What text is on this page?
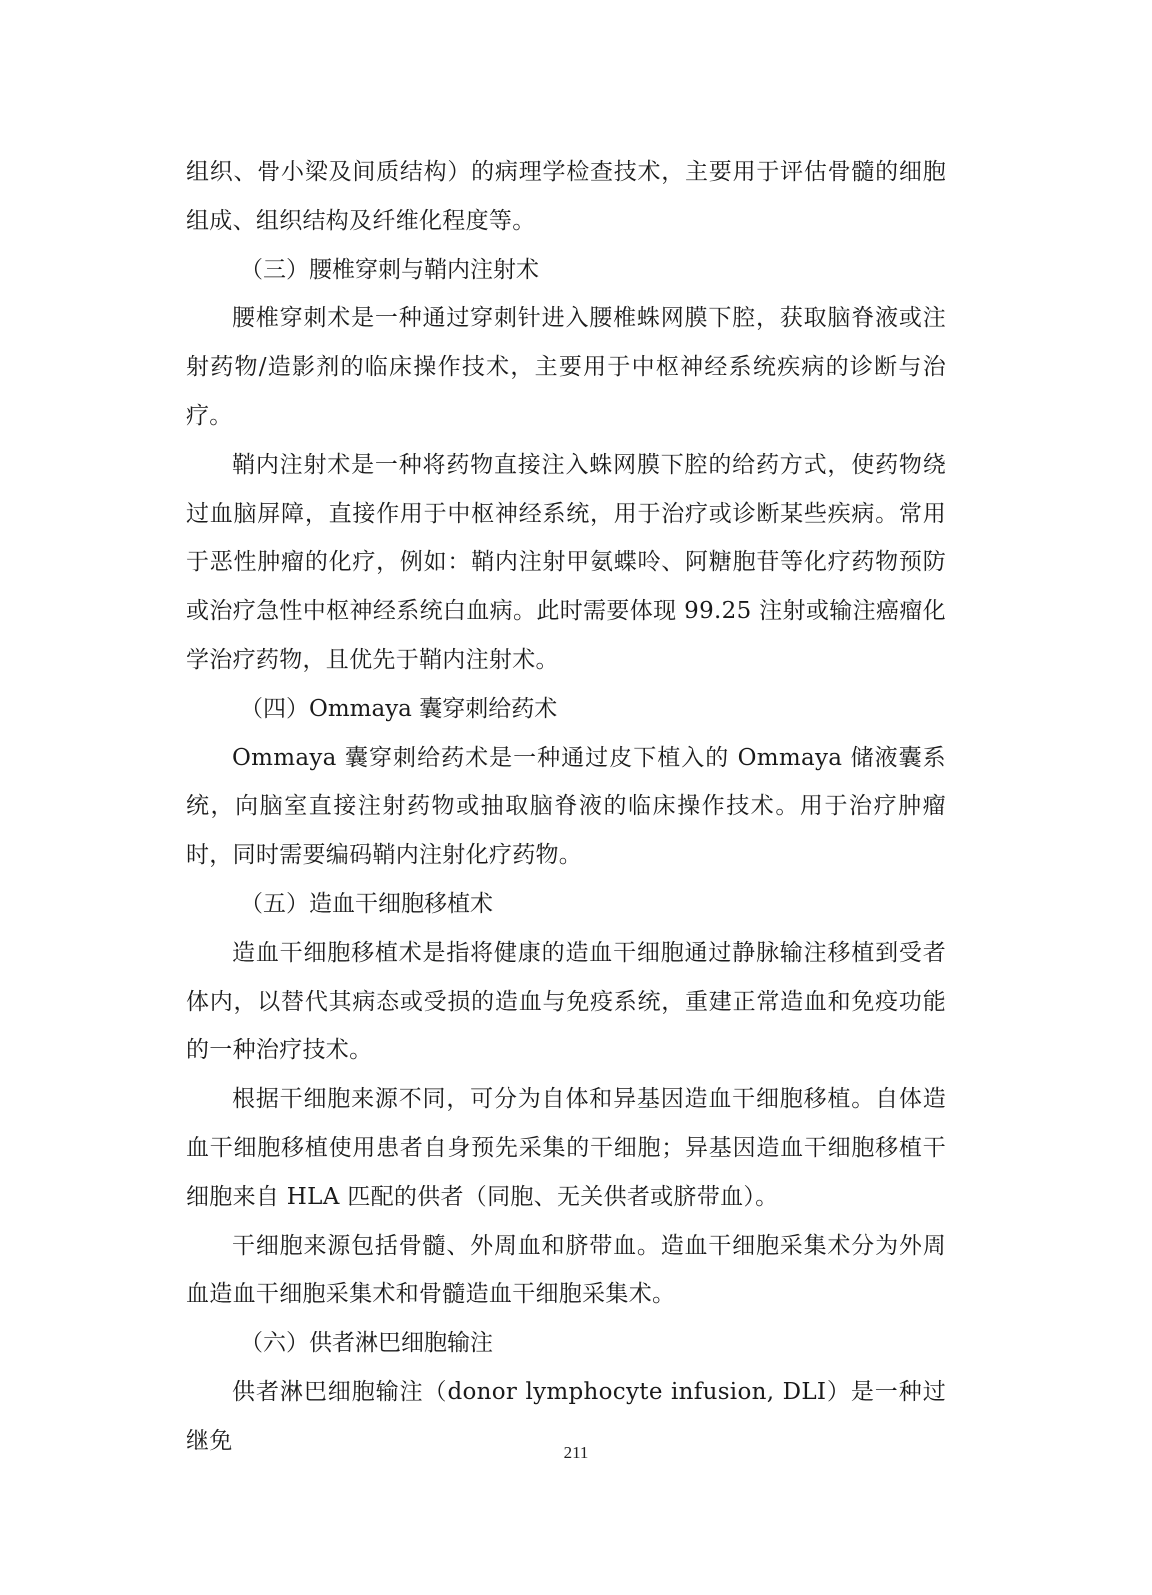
组织、骨小梁及间质结构）的病理学检查技术，主要用于评估骨髓的细胞组成、组织结构及纤维化程度等。

（三）腰椎穿刺与鞘内注射术

腰椎穿刺术是一种通过穿刺针进入腰椎蛛网膜下腔，获取脑脊液或注射药物/造影剂的临床操作技术，主要用于中枢神经系统疾病的诊断与治疗。

鞘内注射术是一种将药物直接注入蛛网膜下腔的给药方式，使药物绕过血脑屏障，直接作用于中枢神经系统，用于治疗或诊断某些疾病。常用于恶性肿瘤的化疗，例如：鞘内注射甲氨蝶呤、阿糖胞苷等化疗药物预防或治疗急性中枢神经系统白血病。此时需要体现 99.25 注射或输注癌瘤化学治疗药物，且优先于鞘内注射术。

（四）Ommaya 囊穿刺给药术

Ommaya 囊穿刺给药术是一种通过皮下植入的 Ommaya 储液囊系统，向脑室直接注射药物或抽取脑脊液的临床操作技术。用于治疗肿瘤时，同时需要编码鞘内注射化疗药物。

（五）造血干细胞移植术

造血干细胞移植术是指将健康的造血干细胞通过静脉输注移植到受者体内，以替代其病态或受损的造血与免疫系统，重建正常造血和免疫功能的一种治疗技术。

根据干细胞来源不同，可分为自体和异基因造血干细胞移植。自体造血干细胞移植使用患者自身预先采集的干细胞；异基因造血干细胞移植干细胞来自 HLA 匹配的供者（同胞、无关供者或脐带血）。

干细胞来源包括骨髓、外周血和脐带血。造血干细胞采集术分为外周血造血干细胞采集术和骨髓造血干细胞采集术。

（六）供者淋巴细胞输注

供者淋巴细胞输注（donor lymphocyte infusion, DLI）是一种过继免	211
